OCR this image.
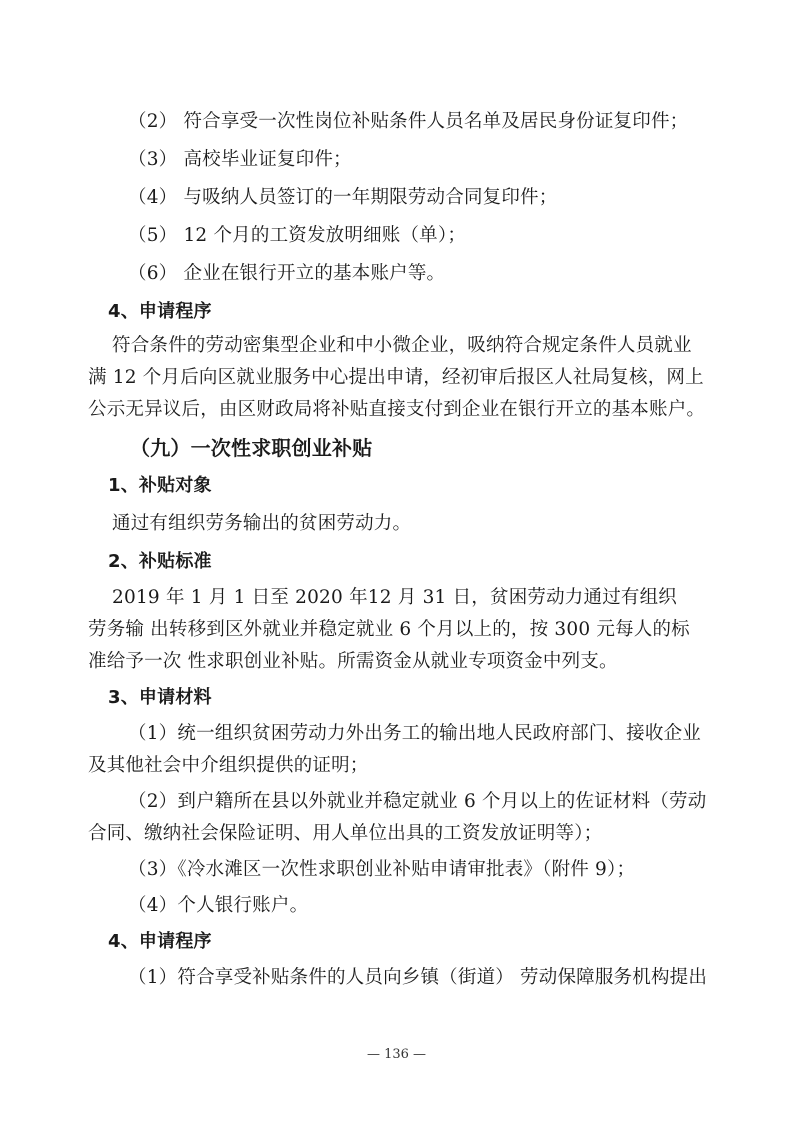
（2） 符合享受一次性岗位补贴条件人员名单及居民身份证复印件；
（3） 高校毕业证复印件；
（4） 与吸纳人员签订的一年期限劳动合同复印件；
（5） 12 个月的工资发放明细账（单）；
（6） 企业在银行开立的基本账户等。
4、申请程序
符合条件的劳动密集型企业和中小微企业，吸纳符合规定条件人员就业
满 12 个月后向区就业服务中心提出申请，经初审后报区人社局复核，网上
公示无异议后，由区财政局将补贴直接支付到企业在银行开立的基本账户。
（九）一次性求职创业补贴
1、补贴对象
通过有组织劳务输出的贫困劳动力。
2、补贴标准
2019 年 1 月 1 日至 2020 年12 月 31 日，贫困劳动力通过有组织
劳务输 出转移到区外就业并稳定就业 6 个月以上的，按 300 元每人的标
准给予一次 性求职创业补贴。所需资金从就业专项资金中列支。
3、申请材料
（1）统一组织贫困劳动力外出务工的输出地人民政府部门、接收企业
及其他社会中介组织提供的证明；
（2）到户籍所在县以外就业并稳定就业 6 个月以上的佐证材料（劳动
合同、缴纳社会保险证明、用人单位出具的工资发放证明等）；
（3）《冷水滩区一次性求职创业补贴申请审批表》（附件 9）；
（4）个人银行账户。
4、申请程序
（1）符合享受补贴条件的人员向乡镇（街道） 劳动保障服务机构提出
— 136 —
